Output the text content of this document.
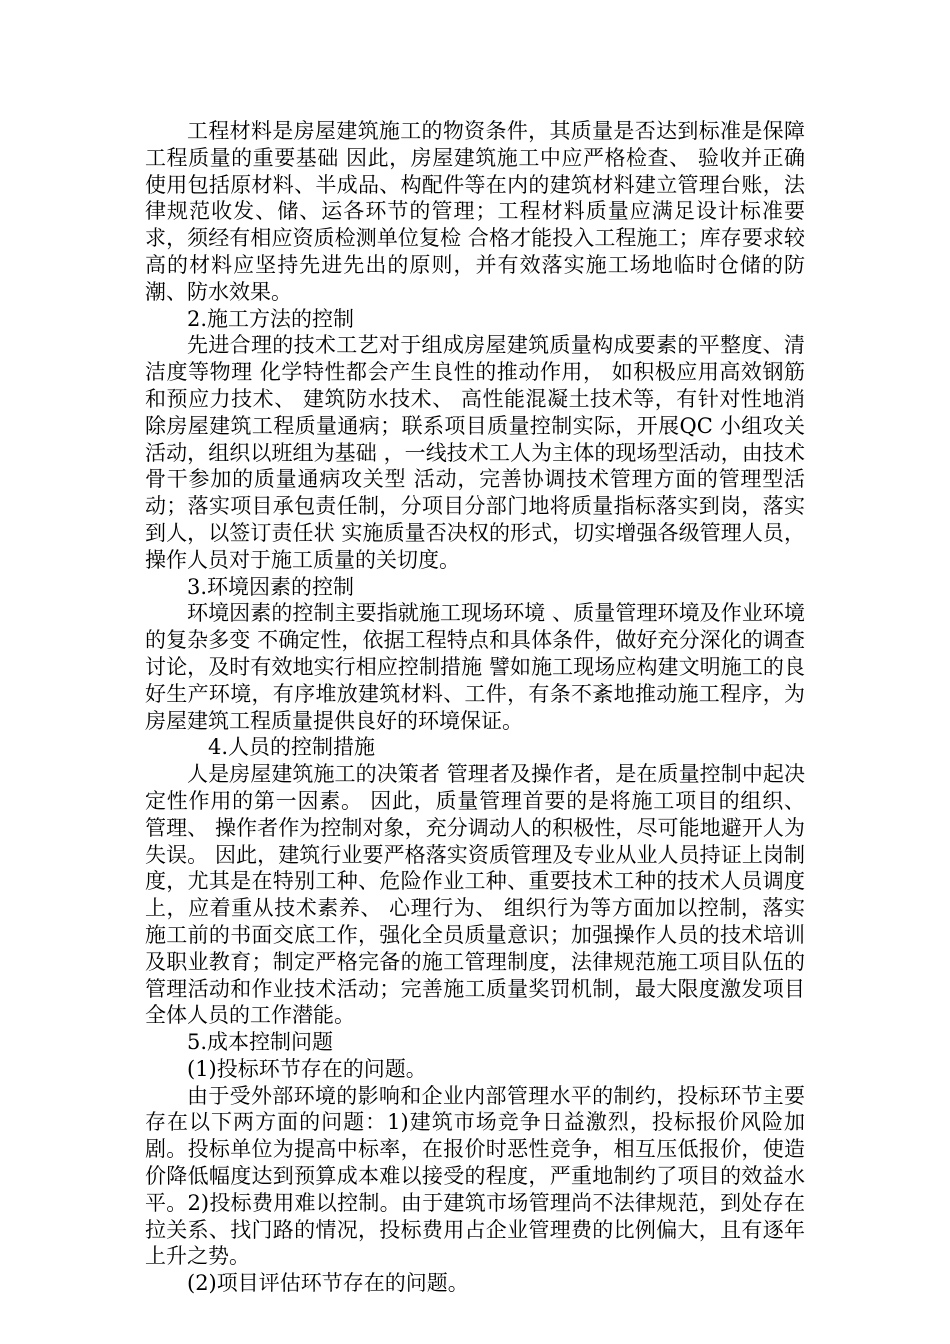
工程材料是房屋建筑施工的物资条件，其质量是否达到标准是保障工程质量的重要基础 因此，房屋建筑施工中应严格检查、 验收并正确使用包括原材料、半成品、构配件等在内的建筑材料建立管理台账，法律规范收发、储、运各环节的管理；工程材料质量应满足设计标准要求，须经有相应资质检测单位复检 合格才能投入工程施工；库存要求较高的材料应坚持先进先出的原则，并有效落实施工场地临时仓储的防潮、防水效果。

2.施工方法的控制

先进合理的技术工艺对于组成房屋建筑质量构成要素的平整度、清洁度等物理 化学特性都会产生良性的推动作用， 如积极应用高效钢筋和预应力技术、 建筑防水技术、 高性能混凝土技术等，有针对性地消除房屋建筑工程质量通病；联系项目质量控制实际，开展QC 小组攻关活动，组织以班组为基础 ，一线技术工人为主体的现场型活动，由技术骨干参加的质量通病攻关型 活动，完善协调技术管理方面的管理型活动；落实项目承包责任制，分项目分部门地将质量指标落实到岗，落实到人，以签订责任状 实施质量否决权的形式，切实增强各级管理人员，操作人员对于施工质量的关切度。

3.环境因素的控制

环境因素的控制主要指就施工现场环境 、质量管理环境及作业环境的复杂多变 不确定性，依据工程特点和具体条件，做好充分深化的调查讨论，及时有效地实行相应控制措施 譬如施工现场应构建文明施工的良好生产环境，有序堆放建筑材料、工件，有条不紊地推动施工程序，为房屋建筑工程质量提供良好的环境保证。

4.人员的控制措施

人是房屋建筑施工的决策者 管理者及操作者，是在质量控制中起决定性作用的第一因素。 因此，质量管理首要的是将施工项目的组织、 管理、 操作者作为控制对象，充分调动人的积极性，尽可能地避开人为失误。 因此，建筑行业要严格落实资质管理及专业从业人员持证上岗制度，尤其是在特别工种、危险作业工种、重要技术工种的技术人员调度上，应着重从技术素养、 心理行为、 组织行为等方面加以控制，落实施工前的书面交底工作，强化全员质量意识；加强操作人员的技术培训及职业教育；制定严格完备的施工管理制度，法律规范施工项目队伍的管理活动和作业技术活动；完善施工质量奖罚机制，最大限度激发项目全体人员的工作潜能。

5.成本控制问题

(1)投标环节存在的问题。

由于受外部环境的影响和企业内部管理水平的制约，投标环节主要存在以下两方面的问题：1)建筑市场竞争日益激烈，投标报价风险加剧。投标单位为提高中标率，在报价时恶性竞争，相互压低报价，使造价降低幅度达到预算成本难以接受的程度，严重地制约了项目的效益水平。2)投标费用难以控制。由于建筑市场管理尚不法律规范，到处存在拉关系、找门路的情况，投标费用占企业管理费的比例偏大，且有逐年上升之势。

(2)项目评估环节存在的问题。
